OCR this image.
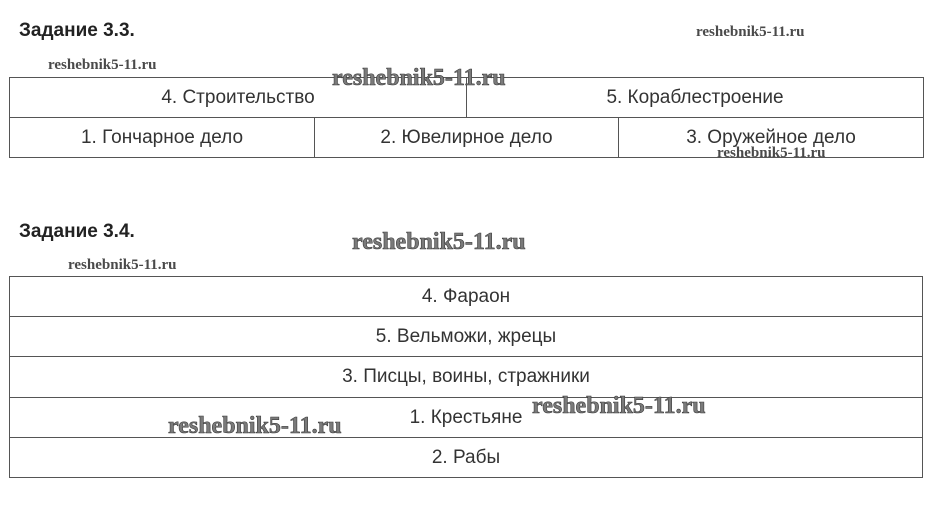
Задание 3.3.
4. Строительство		5. Кораблестроение	
1. Гончарное дело	2. Ювелирное дело		3. Оружейное дело
Задание 3.4.
4. Фараон
5. Вельможи, жрецы
3. Писцы, воины, стражники
1. Крестьяне
2. Рабы
reshebnik5-11.ru
reshebnik5-11.ru	reshebnik5-11.ru
reshebnik5-11.ru
reshebnik5-11.ru
reshebnik5-11.ru
reshebnik5-11.ru
reshebnik5-11.ru
